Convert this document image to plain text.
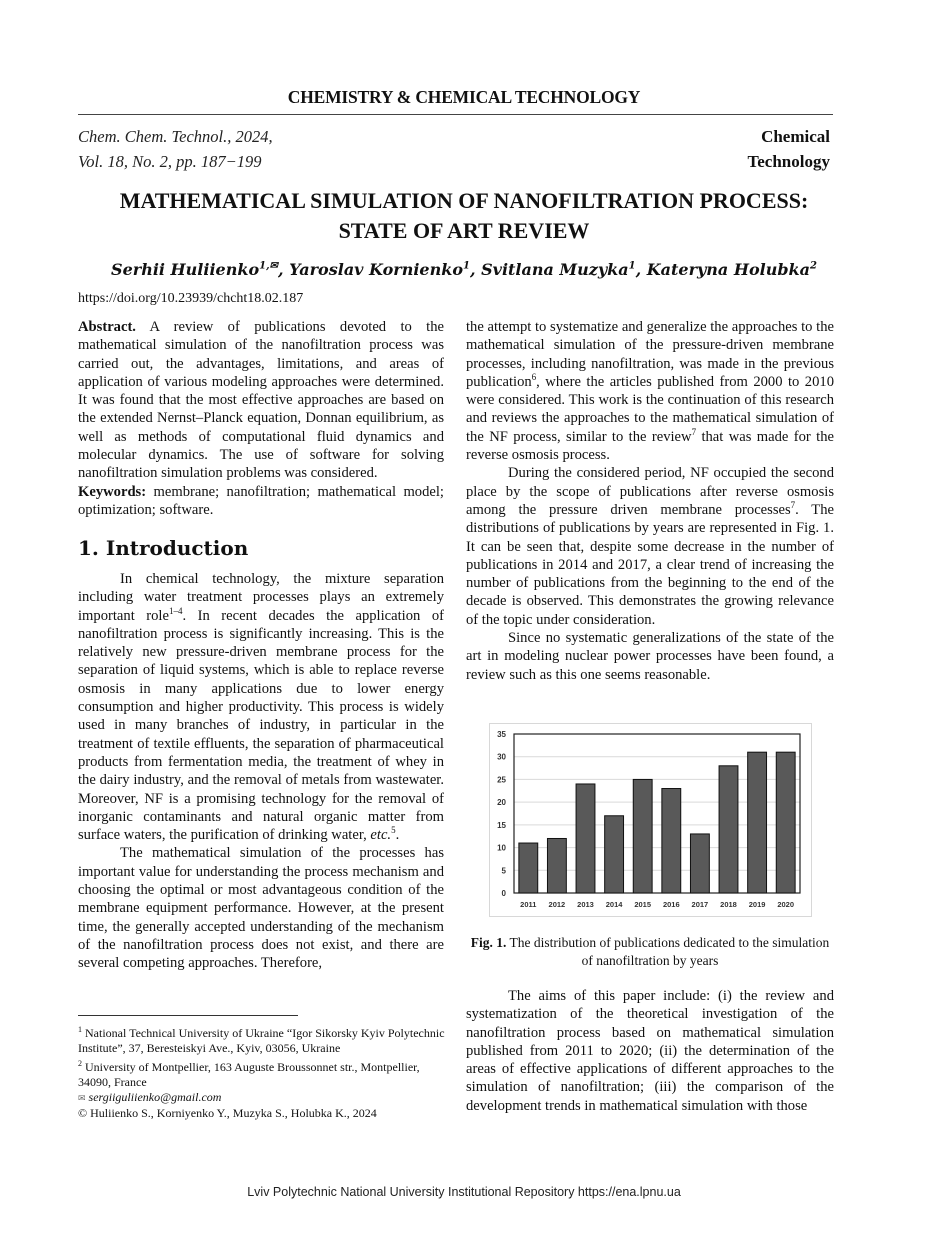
CHEMISTRY & CHEMICAL TECHNOLOGY
Chem. Chem. Technol., 2024,
Vol. 18, No. 2, pp. 187−199
Chemical
Technology
MATHEMATICAL SIMULATION OF NANOFILTRATION PROCESS:
STATE OF ART REVIEW
Serhii Huliienko$^{1,✉}$, Yaroslav Kornienko$^1$, Svitlana Muzyka$^1$, Kateryna Holubka$^2$
https://doi.org/10.23939/chcht18.02.187

Abstract. A review of publications devoted to the mathematical simulation of the nanofiltration process was carried out, the advantages, limitations, and areas of application of various modeling approaches were determined. It was found that the most effective approaches are based on the extended Nernst–Planck equation, Donnan equilibrium, as well as methods of computational fluid dynamics and molecular dynamics. The use of software for solving nanofiltration simulation problems was considered.

Keywords: membrane; nanofiltration; mathematical model; optimization; software.

1. Introduction

In chemical technology, the mixture separation including water treatment processes plays an extremely important role$^{1-4}$. In recent decades the application of nanofiltration process is significantly increasing. This is the relatively new pressure-driven membrane process for the separation of liquid systems, which is able to replace reverse osmosis in many applications due to lower energy consumption and higher productivity. This process is widely used in many branches of industry, in particular in the treatment of textile effluents, the separation of pharmaceutical products from fermentation media, the treatment of whey in the dairy industry, and the removal of metals from wastewater. Moreover, NF is a promising technology for the removal of inorganic contaminants and natural organic matter from surface waters, the purification of drinking water, etc.$^5$.

The mathematical simulation of the processes has important value for understanding the process mechanism and choosing the optimal or most advantageous condition of the membrane equipment performance. However, at the present time, the generally accepted understanding of the mechanism of the nanofiltration process does not exist, and there are several competing approaches. Therefore,

$^1$ National Technical University of Ukraine “Igor Sikorsky Kyiv Polytechnic Institute”, 37, Beresteiskyi Ave., Kyiv, 03056, Ukraine

$^2$ University of Montpellier, 163 Auguste Broussonnet str., Montpellier, 34090, France

✉ sergiiguliienko@gmail.com

© Huliienko S., Korniyenko Y., Muzyka S., Holubka K., 2024

the attempt to systematize and generalize the approaches to the mathematical simulation of the pressure-driven membrane processes, including nanofiltration, was made in the previous publication$^6$, where the articles published from 2000 to 2010 were considered. This work is the continuation of this research and reviews the approaches to the mathematical simulation of the NF process, similar to the review$^7$ that was made for the reverse osmosis process.

During the considered period, NF occupied the second place by the scope of publications after reverse osmosis among the pressure driven membrane processes$^7$. The distributions of publications by years are represented in Fig. 1. It can be seen that, despite some decrease in the number of publications in 2014 and 2017, a clear trend of increasing the number of publications from the beginning to the end of the decade is observed. This demonstrates the growing relevance of the topic under consideration.

Since no systematic generalizations of the state of the art in modeling nuclear power processes have been found, a review such as this one seems reasonable.

0
5
10
15
20
25
30
35
2011 2012 2013 2014 2015 2016 2017 2018 2019 2020
Fig. 1. The distribution of publications dedicated to the simulation of nanofiltration by years

The aims of this paper include: (i) the review and systematization of the theoretical investigation of the nanofiltration process based on mathematical simulation published from 2011 to 2020; (ii) the determination of the areas of effective applications of different approaches to the simulation of nanofiltration; (iii) the comparison of the development trends in mathematical simulation with those

Lviv Polytechnic National University Institutional Repository https://ena.lpnu.ua
